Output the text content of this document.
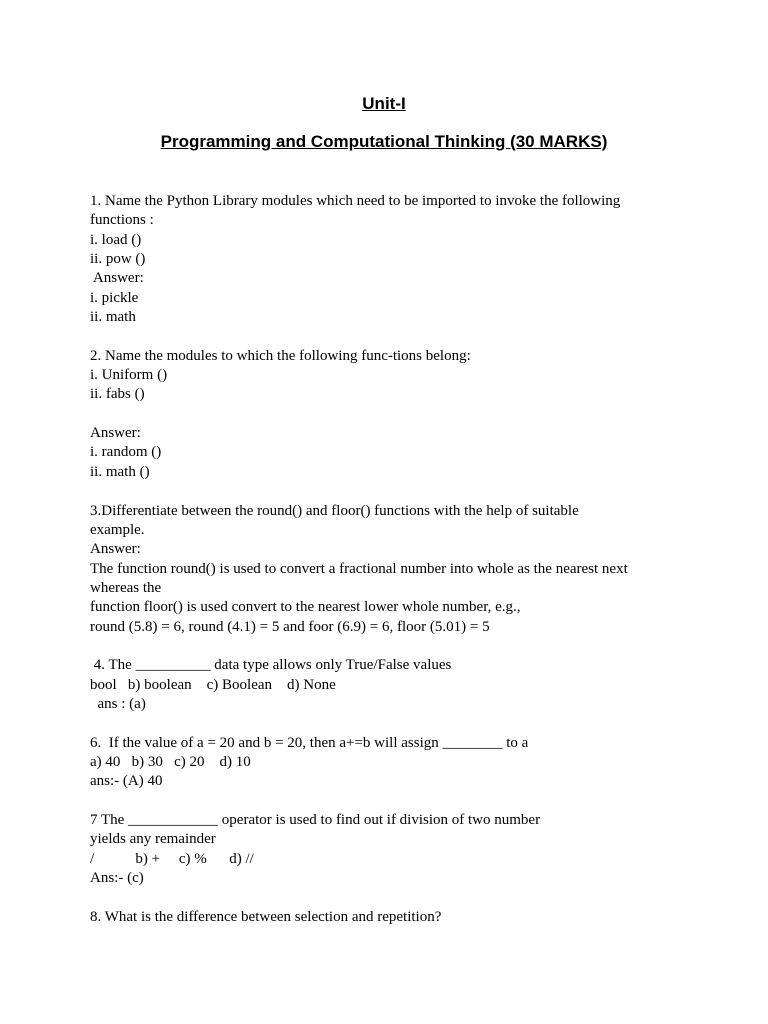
Unit-I
Programming and Computational Thinking (30 MARKS)
1. Name the Python Library modules which need to be imported to invoke the following
functions :
i. load ()
ii. pow ()
Answer:
i. pickle
ii. math
2. Name the modules to which the following func-tions belong:
i. Uniform ()
ii. fabs ()
Answer:
i. random ()
ii. math ()
3.Differentiate between the round() and floor() functions with the help of suitable
example.
Answer:
The function round() is used to convert a fractional number into whole as the nearest next
whereas the
function floor() is used convert to the nearest lower whole number, e.g.,
round (5.8) = 6, round (4.1) = 5 and foor (6.9) = 6, floor (5.01) = 5
4. The __________ data type allows only True/False values
bool   b) boolean    c) Boolean    d) None
ans : (a)
6.  If the value of a = 20 and b = 20, then a+=b will assign ________ to a
a) 40   b) 30   c) 20    d) 10
ans:- (A) 40
7 The ____________ operator is used to find out if division of two number
yields any remainder
/           b) +     c) %      d) //
Ans:- (c)
8. What is the difference between selection and repetition?
